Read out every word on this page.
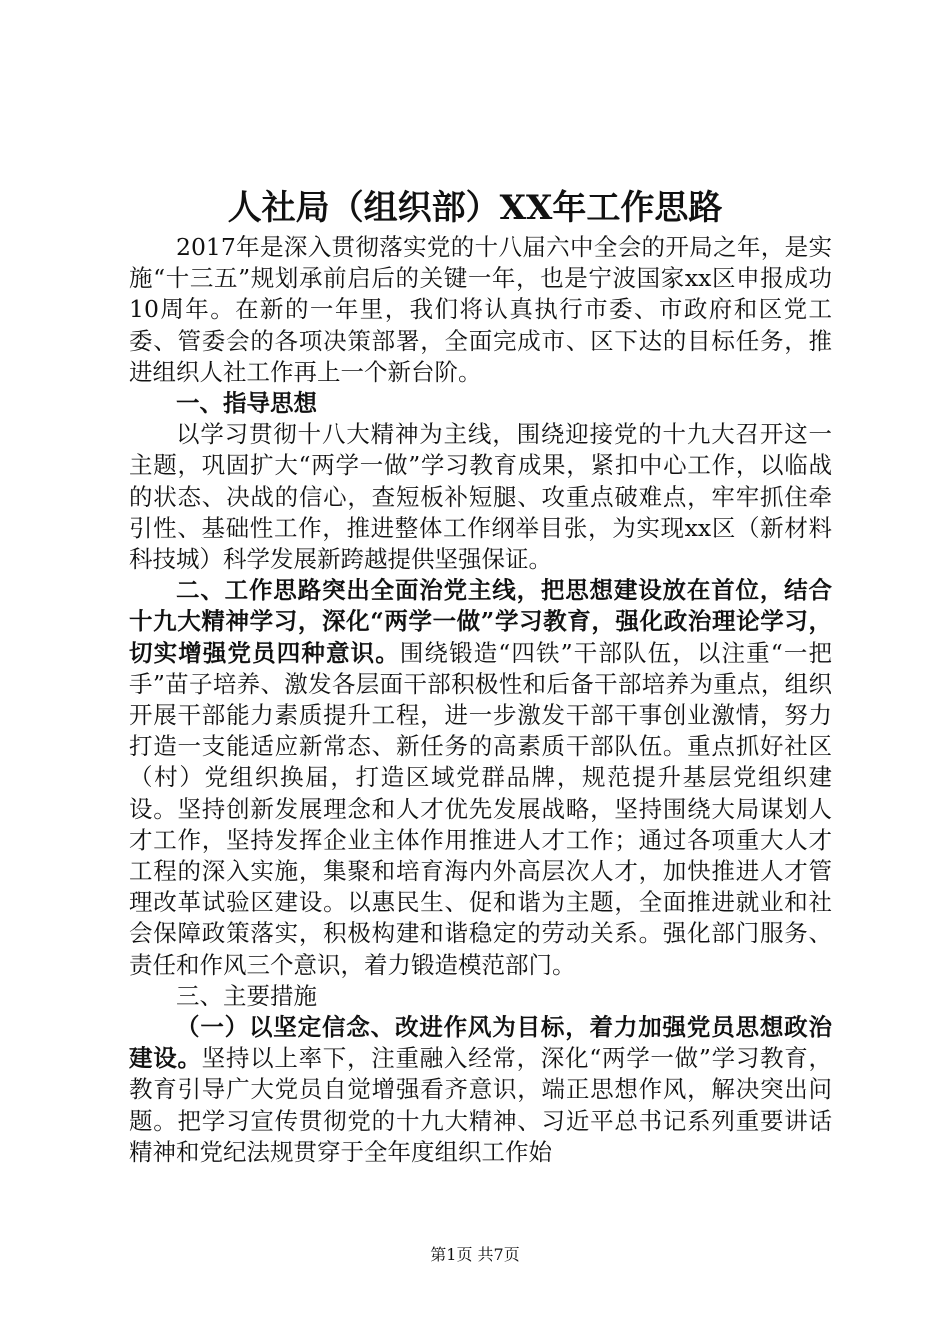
人社局（组织部）XX年工作思路

2017年是深入贯彻落实党的十八届六中全会的开局之年，是实施“十三五”规划承前启后的关键一年，也是宁波国家xx区申报成功10周年。在新的一年里，我们将认真执行市委、市政府和区党工委、管委会的各项决策部署，全面完成市、区下达的目标任务，推进组织人社工作再上一个新台阶。

一、指导思想

以学习贯彻十八大精神为主线，围绕迎接党的十九大召开这一主题，巩固扩大“两学一做”学习教育成果，紧扣中心工作，以临战的状态、决战的信心，查短板补短腿、攻重点破难点，牢牢抓住牵引性、基础性工作，推进整体工作纲举目张，为实现xx区（新材料科技城）科学发展新跨越提供坚强保证。

二、工作思路突出全面治党主线，把思想建设放在首位，结合十九大精神学习，深化“两学一做”学习教育，强化政治理论学习，切实增强党员四种意识。围绕锻造“四铁”干部队伍，以注重“一把手”苗子培养、激发各层面干部积极性和后备干部培养为重点，组织开展干部能力素质提升工程，进一步激发干部干事创业激情，努力打造一支能适应新常态、新任务的高素质干部队伍。重点抓好社区（村）党组织换届，打造区域党群品牌，规范提升基层党组织建设。坚持创新发展理念和人才优先发展战略，坚持围绕大局谋划人才工作，坚持发挥企业主体作用推进人才工作；通过各项重大人才工程的深入实施，集聚和培育海内外高层次人才，加快推进人才管理改革试验区建设。以惠民生、促和谐为主题，全面推进就业和社会保障政策落实，积极构建和谐稳定的劳动关系。强化部门服务、责任和作风三个意识，着力锻造模范部门。

三、主要措施

（一）以坚定信念、改进作风为目标，着力加强党员思想政治建设。坚持以上率下，注重融入经常，深化“两学一做”学习教育，教育引导广大党员自觉增强看齐意识，端正思想作风，解决突出问题。把学习宣传贯彻党的十九大精神、习近平总书记系列重要讲话精神和党纪法规贯穿于全年度组织工作始

第1页 共7页
